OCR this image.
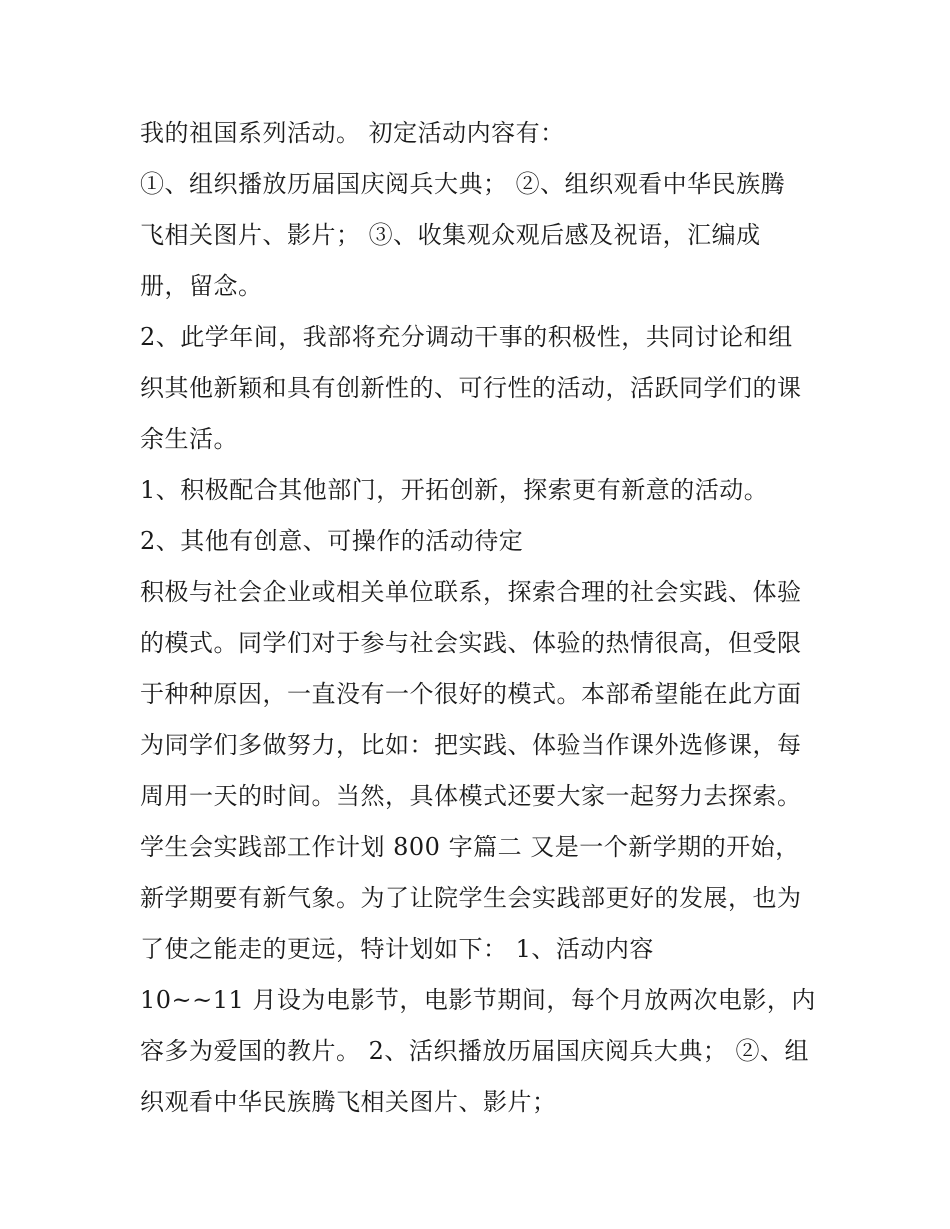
我的祖国系列活动。 初定活动内容有：
①、组织播放历届国庆阅兵大典； ②、组织观看中华民族腾
飞相关图片、影片； ③、收集观众观后感及祝语，汇编成
册，留念。
2、此学年间，我部将充分调动干事的积极性，共同讨论和组
织其他新颖和具有创新性的、可行性的活动，活跃同学们的课
余生活。
1、积极配合其他部门，开拓创新，探索更有新意的活动。
2、其他有创意、可操作的活动待定
积极与社会企业或相关单位联系，探索合理的社会实践、体验
的模式。同学们对于参与社会实践、体验的热情很高，但受限
于种种原因，一直没有一个很好的模式。本部希望能在此方面
为同学们多做努力，比如：把实践、体验当作课外选修课，每
周用一天的时间。当然，具体模式还要大家一起努力去探索。
学生会实践部工作计划 800 字篇二 又是一个新学期的开始，
新学期要有新气象。为了让院学生会实践部更好的发展，也为
了使之能走的更远，特计划如下： 1、活动内容
10~~11 月设为电影节，电影节期间，每个月放两次电影，内
容多为爱国的教片。 2、活织播放历届国庆阅兵大典； ②、组
织观看中华民族腾飞相关图片、影片；
